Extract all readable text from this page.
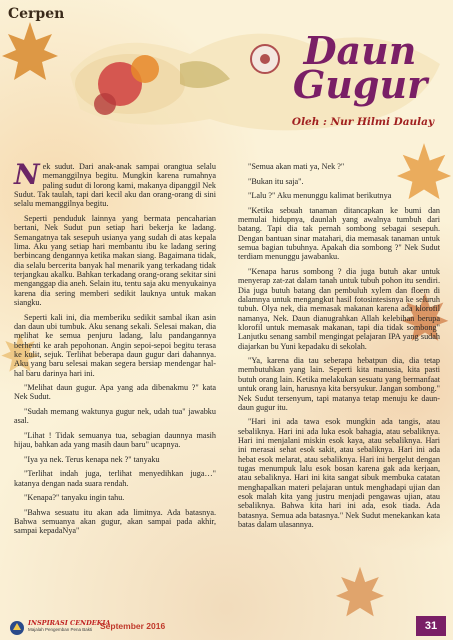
Cerpen
Daun
Gugur
Oleh : Nur Hilmi Daulay

Nek sudut. Dari anak-anak sampai orangtua selalu memanggilnya begitu. Mungkin karena rumahnya paling sudut di lorong kami, makanya dipanggil Nek Sudut. Tak taulah, tapi dari kecil aku dan orang-orang di sini selalu memanggilnya begitu.

Seperti penduduk lainnya yang bermata pencaharian bertani, Nek Sudut pun setiap hari bekerja ke ladang. Semangatnya tak sesepuh usianya yang sudah di atas kepala lima. Aku yang setiap hari membantu ibu ke ladang sering berbincang dengannya ketika makan siang. Bagaimana tidak, dia selalu bercerita banyak hal menarik yang terkadang tidak terjangkau akalku. Bahkan terkadang orang-orang sekitar sini menganggap dia aneh. Selain itu, tentu saja aku menyukainya karena dia sering memberi sedikit lauknya untuk makan siangku.

Seperti kali ini, dia memberiku sedikit sambal ikan asin dan daun ubi tumbuk. Aku senang sekali. Selesai makan, dia melihat ke semua penjuru ladang, lalu pandangannya berhenti ke arah pepohonan. Angin sepoi-sepoi begitu terasa ke kulit, sejuk. Terlihat beberapa daun gugur dari dahannya. Aku yang baru selesai makan segera bersiap mendengar hal-hal baru darinya hari ini.

"Melihat daun gugur. Apa yang ada dibenakmu ?" kata Nek Sudut.

"Sudah memang waktunya gugur nek, udah tua" jawabku asal.

"Lihat ! Tidak semuanya tua, sebagian daunnya masih hijau, bahkan ada yang masih daun baru" ucapnya.

"Iya ya nek. Terus kenapa nek ?" tanyaku

"Terlihat indah juga, terlihat menyedihkan juga…" katanya dengan nada suara rendah.

"Kenapa?" tanyaku ingin tahu.

"Bahwa sesuatu itu akan ada limitnya. Ada batasnya. Bahwa semuanya akan gugur, akan sampai pada akhir, sampai kepadaNya"

"Semua akan mati ya, Nek ?"

"Bukan itu saja".

"Lalu ?" Aku menunggu kalimat berikutnya

"Ketika sebuah tanaman ditancapkan ke bumi dan memulai hidupnya, daunlah yang awalnya tumbuh dari batang. Tapi dia tak pernah sombong sebagai sesepuh. Dengan bantuan sinar matahari, dia memasak tanaman untuk semua bagian tubuhnya. Apakah dia sombong ?" Nek Sudut terdiam menunggu jawabanku.

"Kenapa harus sombong ? dia juga butuh akar untuk menyerap zat-zat dalam tanah untuk tubuh pohon itu sendiri. Dia juga butuh batang dan pembuluh xylem dan floem di dalamnya untuk mengangkut hasil fotosintesisnya ke seluruh tubuh. Olya nek, dia memasak makanan karena ada klorofil namanya, Nek. Daun dianugrahkan Allah kelebihan berupa klorofil untuk memasak makanan, tapi dia tidak sombong" Lanjutku senang sambil mengingat pelajaran IPA yang sudah diajarkan bu Yuni kepadaku di sekolah.

"Ya, karena dia tau seberapa hebatpun dia, dia tetap membutuhkan yang lain. Seperti kita manusia, kita pasti butuh orang lain. Ketika melakukan sesuatu yang bermanfaat untuk orang lain, harusnya kita bersyukur. Jangan sombong." Nek Sudut tersenyum, tapi matanya tetap menuju ke daun-daun gugur itu.

"Hari ini ada tawa esok mungkin ada tangis, atau sebaliknya. Hari ini ada luka esok bahagia, atau sebaliknya. Hari ini menjalani miskin esok kaya, atau sebaliknya. Hari ini merasai sehat esok sakit, atau sebaliknya. Hari ini ada hebat esok melarat, atau sebaliknya. Hari ini bergelut dengan tugas menumpuk lalu esok bosan karena gak ada kerjaan, atau sebaliknya. Hari ini kita sangat sibuk membuka catatan menghapalkan materi pelajaran untuk menghadapi ujian dan esok malah kita yang justru menjadi pengawas ujian, atau sebaliknya. Bahwa kita hari ini ada, esok tiada. Ada batasnya. Semua ada batasnya." Nek Sudut menekankan kata batas dalam ulasannya.

INSPIRASI CENDEKIA
Majalah Pengemban Pena Bakti September 2016	31
